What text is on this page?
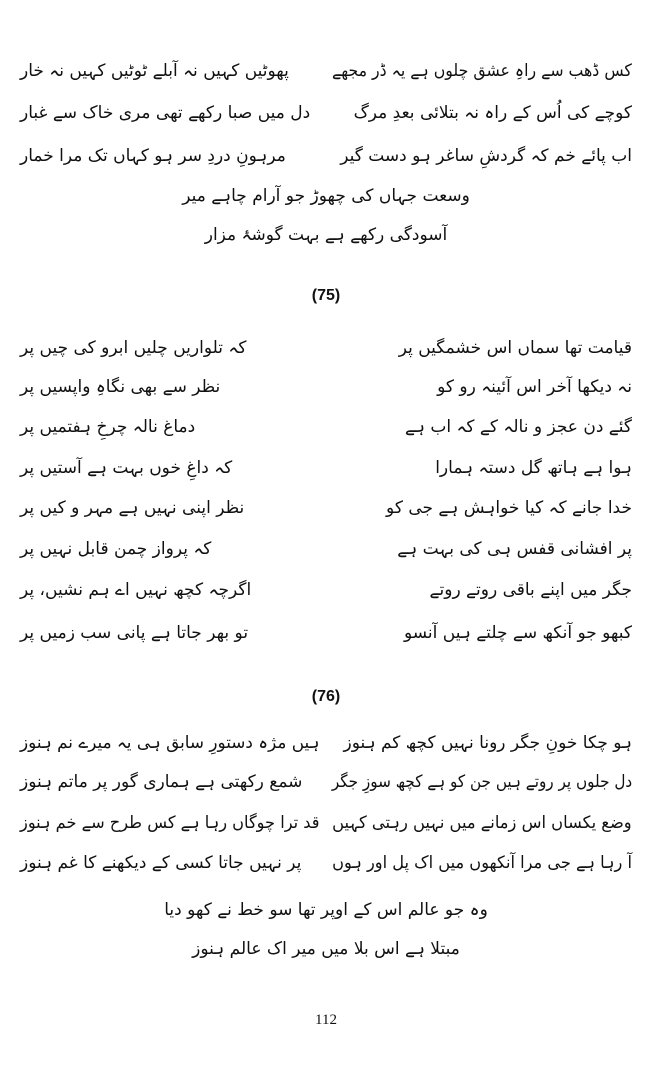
کس ڈھب سے راہِ عشق چلوں ہے یہ ڈر مجھے
پھوٹیں کہیں نہ آبلے ٹوٹیں کہیں نہ خار
کوچے کی اُس کے راہ نہ بتلائی بعدِ مرگ
دل میں صبا رکھے تھی مری خاک سے غبار
اب پائے خم کہ گردشِ ساغر ہو دست گیر
مرہونِ دردِ سر ہو کہاں تک مرا خمار
وسعت جہاں کی چھوڑ جو آرام چاہے میر
آسودگی رکھے ہے بہت گوشۂ مزار
(75)
قیامت تھا سماں اس خشمگیں پر
کہ تلواریں چلیں ابرو کی چیں پر
نہ دیکھا آخر اس آئینہ رو کو
نظر سے بھی نگاہِ واپسیں پر
گئے دن عجز و نالہ کے کہ اب ہے
دماغ نالہ چرخِ ہفتمیں پر
ہوا ہے ہاتھ گل دستہ ہمارا
کہ داغِ خوں بہت ہے آستیں پر
خدا جانے کہ کیا خواہش ہے جی کو
نظر اپنی نہیں ہے مہر و کیں پر
پر افشانی قفس ہی کی بہت ہے
کہ پرواز چمن قابل نہیں پر
جگر میں اپنے باقی روتے روتے
اگرچہ کچھ نہیں اے ہم نشیں، پر
کبھو جو آنکھ سے چلتے ہیں آنسو
تو بھر جاتا ہے پانی سب زمیں پر
(76)
ہو چکا خونِ جگر رونا نہیں کچھ کم ہنوز
ہیں مژہ دستورِ سابق ہی یہ میرے نم ہنوز
دل جلوں پر روتے ہیں جن کو ہے کچھ سوزِ جگر
شمع رکھتی ہے ہماری گور پر ماتم ہنوز
وضع یکساں اس زمانے میں نہیں رہتی کہیں
قد ترا چوگاں رہا ہے کس طرح سے خم ہنوز
آ رہا ہے جی مرا آنکھوں میں اک پل اور ہوں
پر نہیں جاتا کسی کے دیکھنے کا غم ہنوز
وہ جو عالم اس کے اوپر تھا سو خط نے کھو دیا
مبتلا ہے اس بلا میں میر اک عالم ہنوز
112
